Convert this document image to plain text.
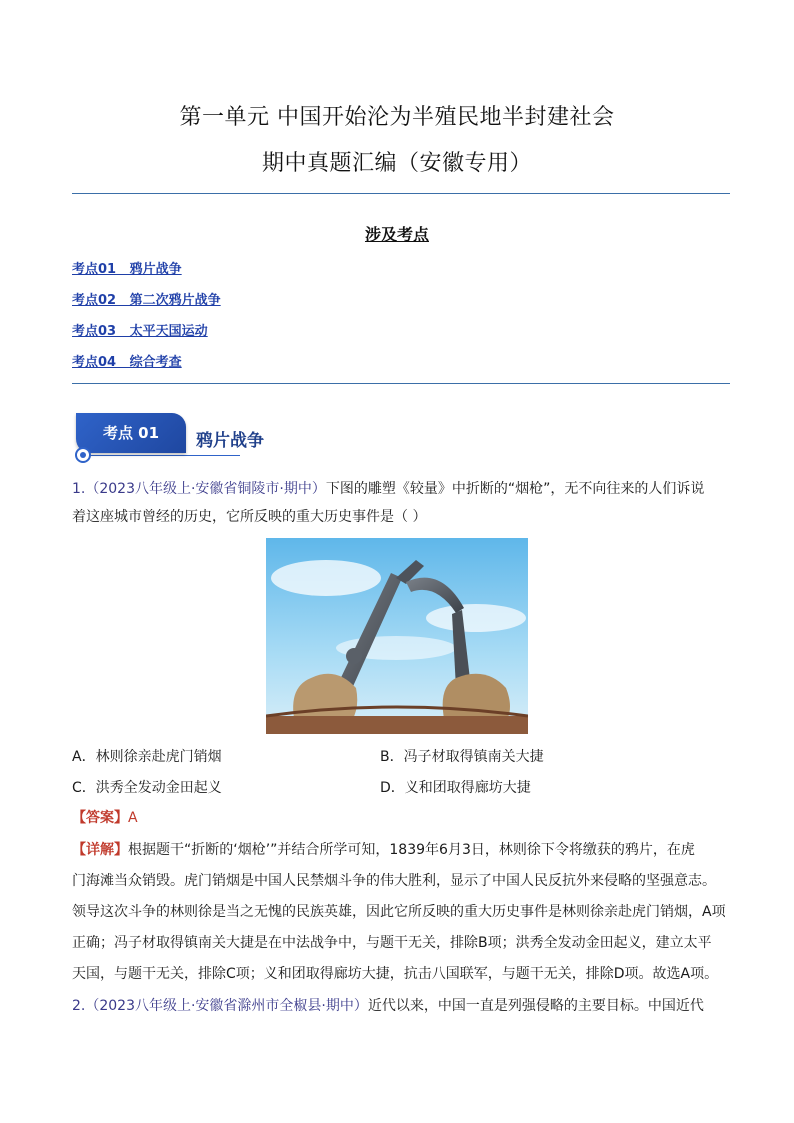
第一单元 中国开始沦为半殖民地半封建社会
期中真题汇编（安徽专用）
涉及考点
考点01   鸦片战争
考点02   第二次鸦片战争
考点03   太平天国运动
考点04   综合考查
考点 01	鸦片战争
1.（2023八年级上·安徽省铜陵市·期中）下图的雕塑《较量》中折断的“烟枪”，无不向往来的人们诉说
着这座城市曾经的历史，它所反映的重大历史事件是（ ）
A．林则徐亲赴虎门销烟	B．冯子材取得镇南关大捷
C．洪秀全发动金田起义	D．义和团取得廊坊大捷
【答案】A
【详解】根据题干“折断的‘烟枪’”并结合所学可知，1839年6月3日，林则徐下令将缴获的鸦片，在虎
门海滩当众销毁。虎门销烟是中国人民禁烟斗争的伟大胜利，显示了中国人民反抗外来侵略的坚强意志。
领导这次斗争的林则徐是当之无愧的民族英雄，因此它所反映的重大历史事件是林则徐亲赴虎门销烟，A项
正确；冯子材取得镇南关大捷是在中法战争中，与题干无关，排除B项；洪秀全发动金田起义，建立太平
天国，与题干无关，排除C项；义和团取得廊坊大捷，抗击八国联军，与题干无关，排除D项。故选A项。
2.（2023八年级上·安徽省滁州市全椒县·期中）近代以来，中国一直是列强侵略的主要目标。中国近代
